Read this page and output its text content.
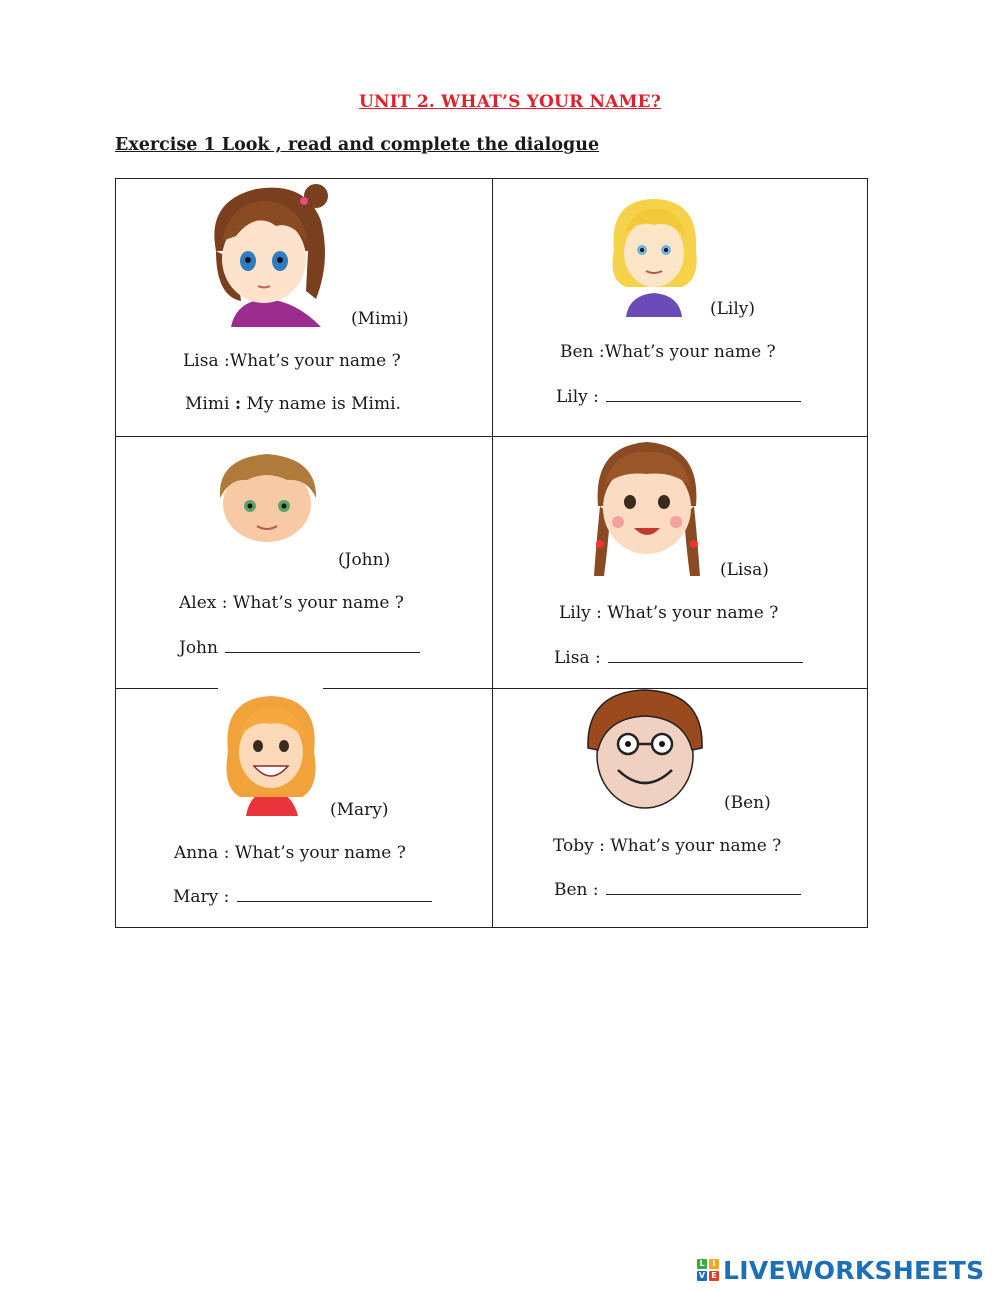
UNIT 2. WHAT’S YOUR NAME?
Exercise 1 Look , read and complete the dialogue
(Mimi)
Lisa :What’s your name ?
Mimi : My name is Mimi.
(Lily)
Ben :What’s your name ?
Lily :
(John)
Alex : What’s your name ?
John
(Lisa)
Lily : What’s your name ?
Lisa :
(Mary)
Anna : What’s your name ?
Mary :
(Ben)
Toby : What’s your name ?
Ben :
L I
V E LIVEWORKSHEETS
